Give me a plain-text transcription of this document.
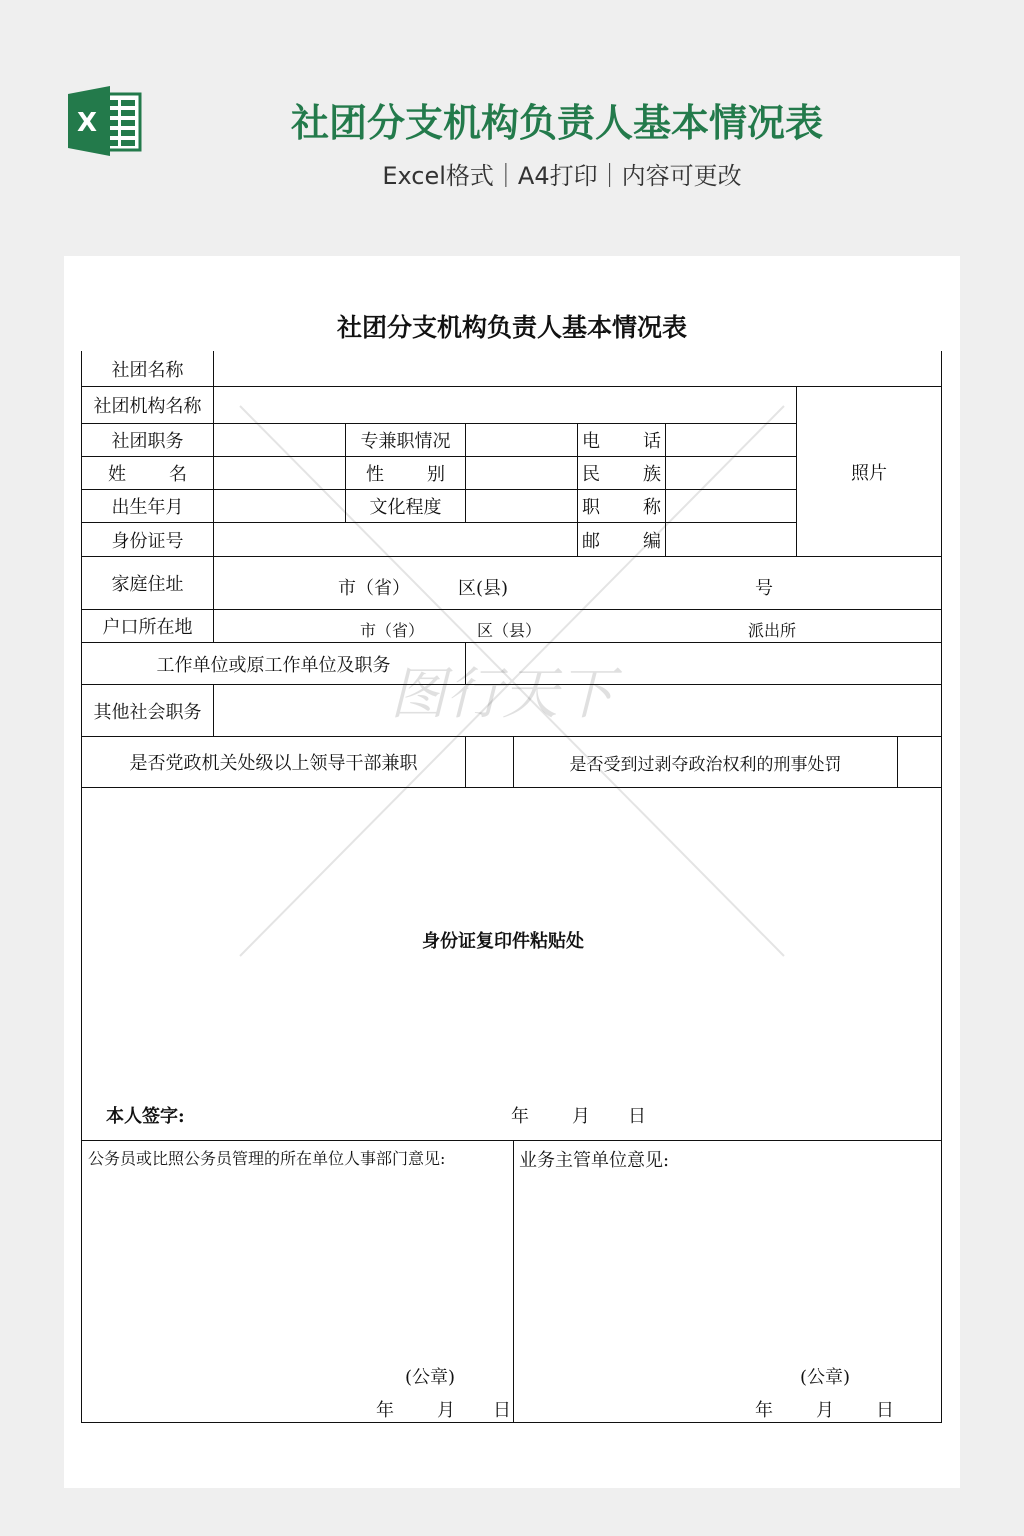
X	社团分支机构负责人基本情况表
Excel格式｜A4打印｜内容可更改
图行天下
社团分支机构负责人基本情况表
社团名称
社团机构名称
照片
社团职务	专兼职情况	电 话
姓 名	性 别	民 族
出生年月	文化程度	职 称
身份证号	邮 编
家庭住址	市（省）	区(县)	号
户口所在地	市（省）	区（县）	派出所
工作单位或原工作单位及职务
其他社会职务
是否党政机关处级以上领导干部兼职	是否受到过剥夺政治权利的刑事处罚
身份证复印件粘贴处
本人签字:	年 月 日
公务员或比照公务员管理的所在单位人事部门意见:	业务主管单位意见:
(公章)	(公章)
年 月 日	年 月 日
